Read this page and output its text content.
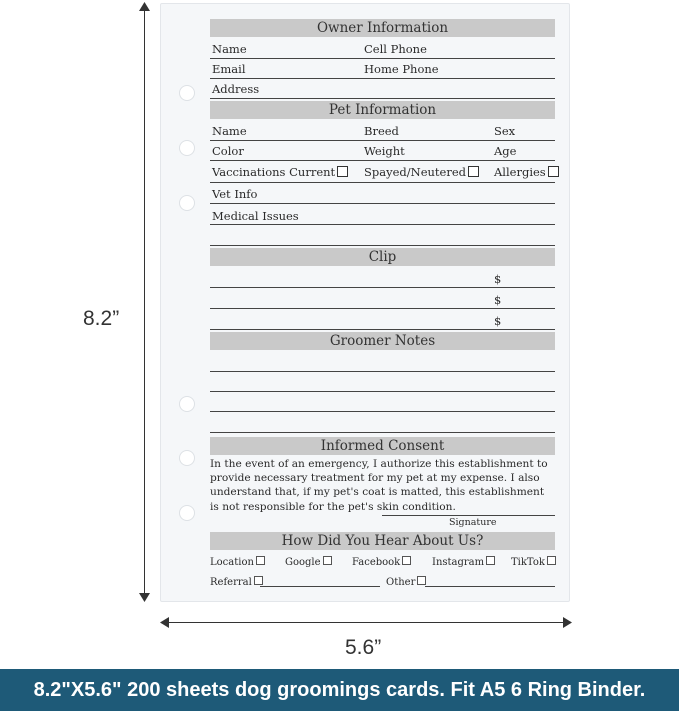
8.2”
5.6”
Owner Information
Name	Cell Phone
Email	Home Phone
Address
Pet Information
Name	Breed	Sex
Color	Weight	Age
Vaccinations Current	Spayed/Neutered	Allergies
Vet Info
Medical Issues
Clip
$
$
$
Groomer Notes
Informed Consent
In the event of an emergency, I authorize this establishment to provide necessary treatment for my pet at my expense. I also understand that, if my pet's coat is matted, this establishment is not responsible for the pet's skin condition.
Signature
How Did You Hear About Us?
Location	Google	Facebook	Instagram	TikTok
Referral	Other
8.2"X5.6" 200 sheets dog groomings cards. Fit A5 6 Ring Binder.
